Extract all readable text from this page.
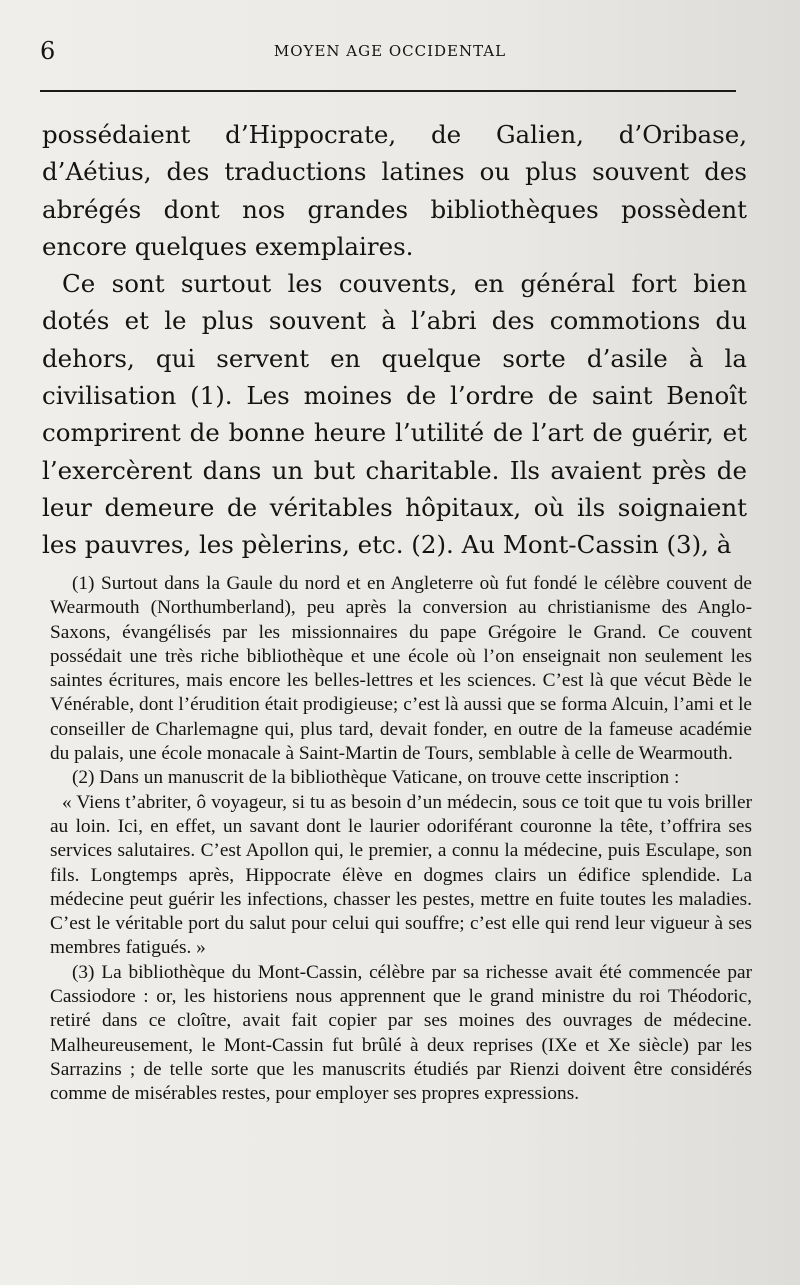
6	MOYEN AGE OCCIDENTAL

possédaient d’Hippocrate, de Galien, d’Oribase, d’Aétius, des traductions latines ou plus souvent des abrégés dont nos grandes bibliothèques possèdent encore quelques exemplaires.

Ce sont surtout les couvents, en général fort bien dotés et le plus souvent à l’abri des commotions du dehors, qui servent en quelque sorte d’asile à la civilisation (1). Les moines de l’ordre de saint Benoît comprirent de bonne heure l’utilité de l’art de guérir, et l’exercèrent dans un but charitable. Ils avaient près de leur demeure de véritables hôpitaux, où ils soignaient les pauvres, les pèlerins, etc. (2). Au Mont-Cassin (3), à

(1) Surtout dans la Gaule du nord et en Angleterre où fut fondé le célèbre couvent de Wearmouth (Northumberland), peu après la conversion au christianisme des Anglo-Saxons, évangélisés par les missionnaires du pape Grégoire le Grand. Ce couvent possédait une très riche bibliothèque et une école où l’on enseignait non seulement les saintes écritures, mais encore les belles-lettres et les sciences. C’est là que vécut Bède le Vénérable, dont l’érudition était prodigieuse; c’est là aussi que se forma Alcuin, l’ami et le conseiller de Charlemagne qui, plus tard, devait fonder, en outre de la fameuse académie du palais, une école monacale à Saint-Martin de Tours, semblable à celle de Wearmouth.

(2) Dans un manuscrit de la bibliothèque Vaticane, on trouve cette inscription :

« Viens t’abriter, ô voyageur, si tu as besoin d’un médecin, sous ce toit que tu vois briller au loin. Ici, en effet, un savant dont le laurier odoriférant couronne la tête, t’offrira ses services salutaires. C’est Apollon qui, le premier, a connu la médecine, puis Esculape, son fils. Longtemps après, Hippocrate élève en dogmes clairs un édifice splendide. La médecine peut guérir les infections, chasser les pestes, mettre en fuite toutes les maladies. C’est le véritable port du salut pour celui qui souffre; c’est elle qui rend leur vigueur à ses membres fatigués. »

(3) La bibliothèque du Mont-Cassin, célèbre par sa richesse avait été commencée par Cassiodore : or, les historiens nous apprennent que le grand ministre du roi Théodoric, retiré dans ce cloître, avait fait copier par ses moines des ouvrages de médecine. Malheureusement, le Mont-Cassin fut brûlé à deux reprises (IXe et Xe siècle) par les Sarrazins ; de telle sorte que les manuscrits étudiés par Rienzi doivent être considérés comme de misérables restes, pour employer ses propres expressions.
